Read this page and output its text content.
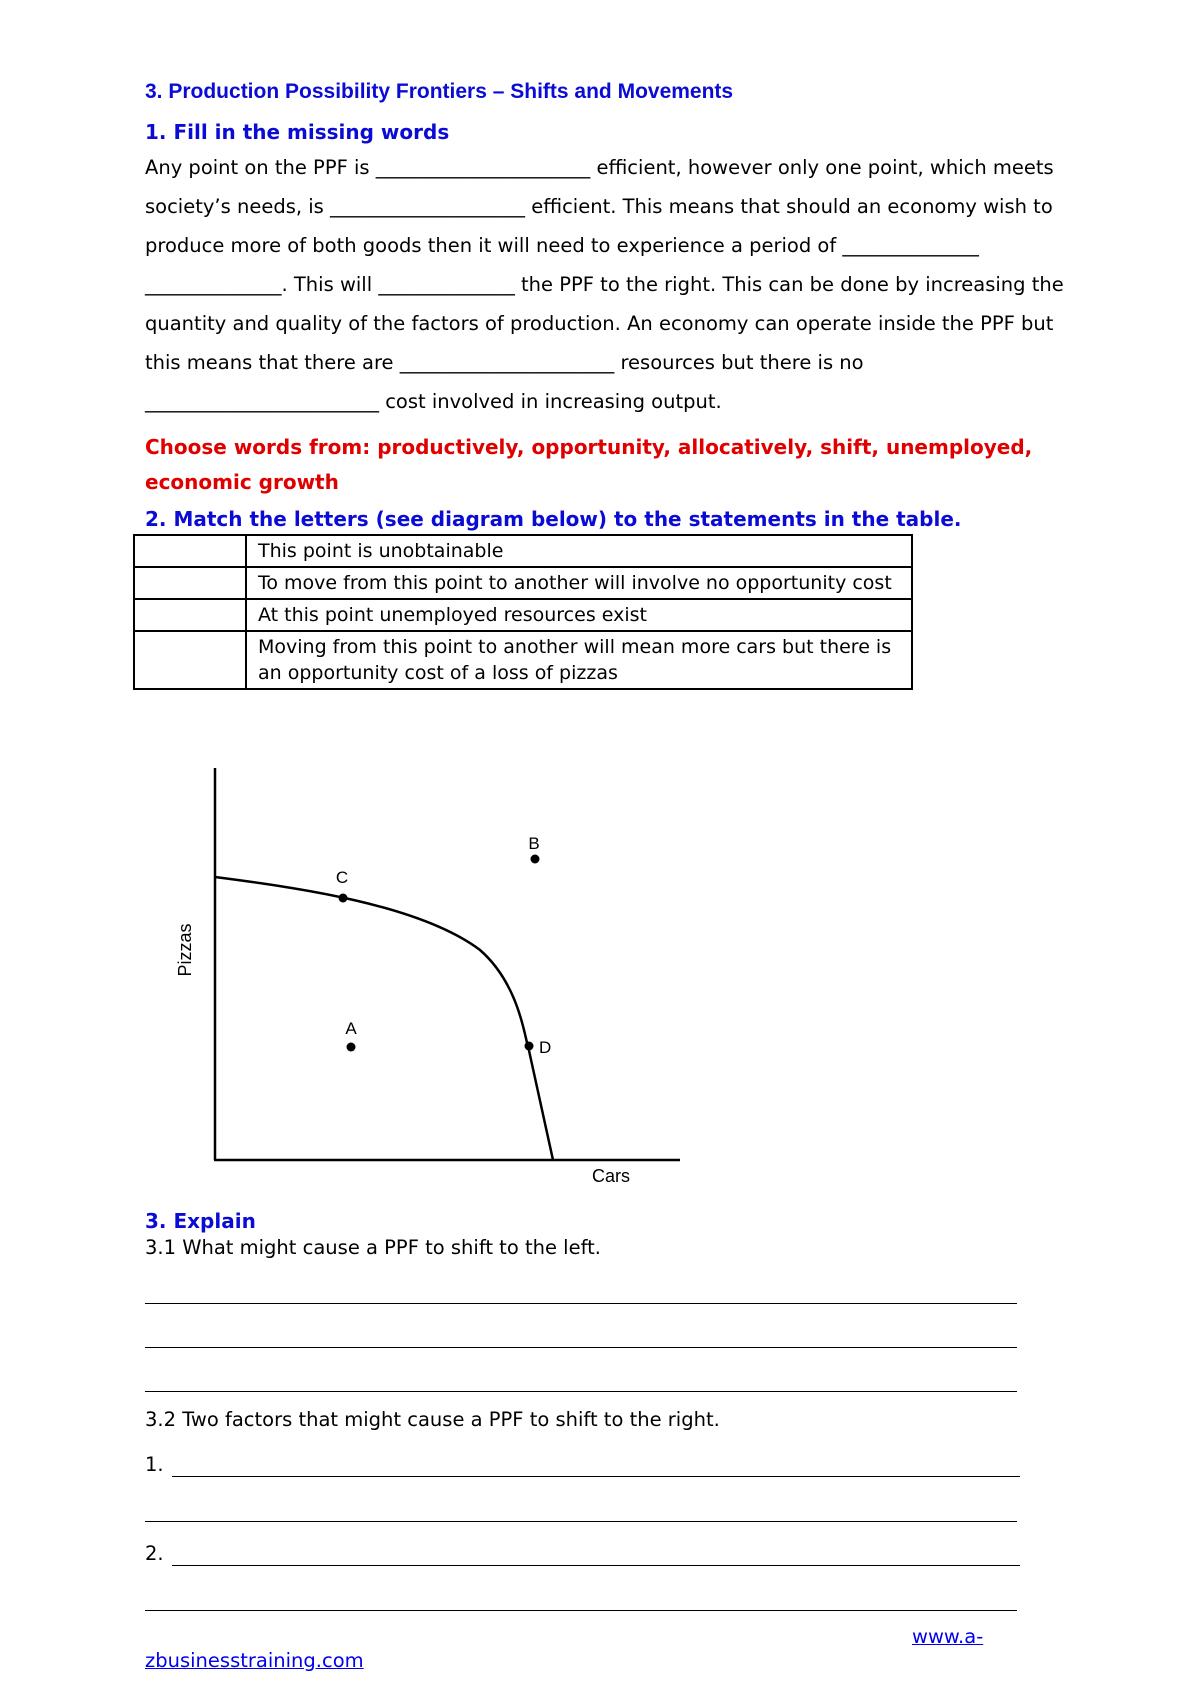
3. Production Possibility Frontiers – Shifts and Movements
1. Fill in the missing words
Any point on the PPF is ______________________ efficient, however only one point, which meets
society’s needs, is ____________________ efficient. This means that should an economy wish to
produce more of both goods then it will need to experience a period of ______________
______________. This will ______________ the PPF to the right. This can be done by increasing the
quantity and quality of the factors of production. An economy can operate inside the PPF but
this means that there are ______________________ resources but there is no
________________________ cost involved in increasing output.
Choose words from: productively, opportunity, allocatively, shift, unemployed, economic growth
2. Match the letters (see diagram below) to the statements in the table.
	This point is unobtainable
	To move from this point to another will involve no opportunity cost
	At this point unemployed resources exist
	Moving from this point to another will mean more cars but there is an opportunity cost of a loss of pizzas
Pizzas
Cars
B
C
A
D
3. Explain
3.1 What might cause a PPF to shift to the left.
3.2 Two factors that might cause a PPF to shift to the right.
1.
2.
www.a-
zbusinesstraining.com
